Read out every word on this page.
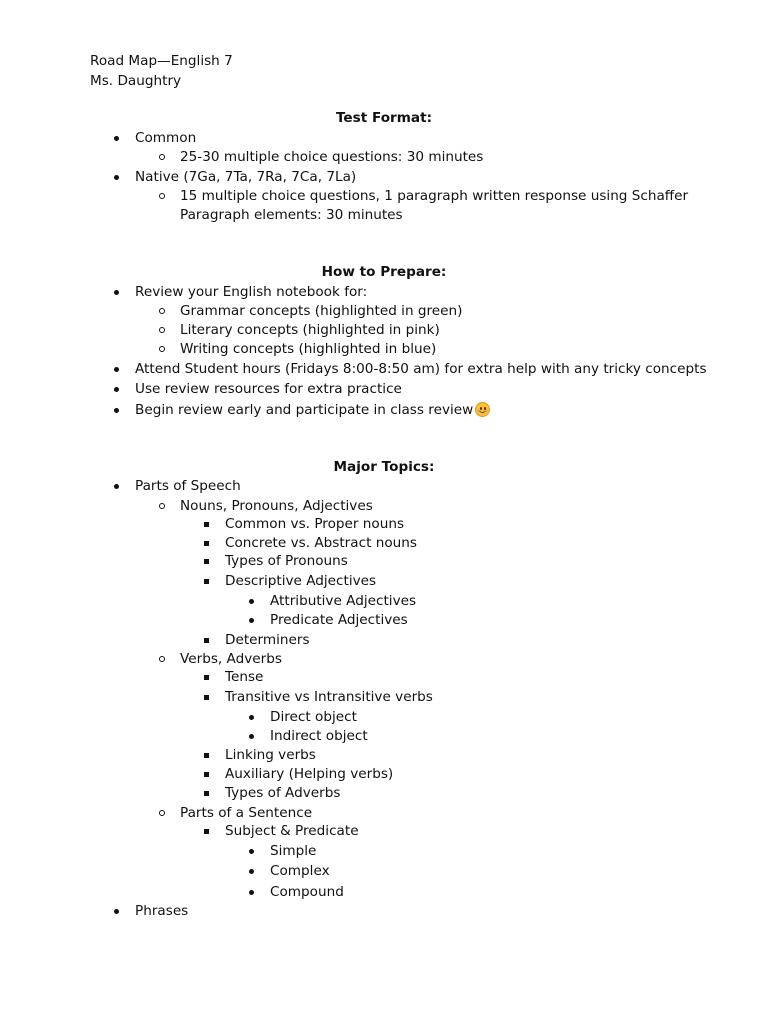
Road Map—English 7
Ms. Daughtry
Test Format:
Common
25-30 multiple choice questions: 30 minutes
Native (7Ga, 7Ta, 7Ra, 7Ca, 7La)
15 multiple choice questions, 1 paragraph written response using Schaffer
Paragraph elements: 30 minutes
How to Prepare:
Review your English notebook for:
Grammar concepts (highlighted in green)
Literary concepts (highlighted in pink)
Writing concepts (highlighted in blue)
Attend Student hours (Fridays 8:00-8:50 am) for extra help with any tricky concepts
Use review resources for extra practice
Begin review early and participate in class review
Major Topics:
Parts of Speech
Nouns, Pronouns, Adjectives
Common vs. Proper nouns
Concrete vs. Abstract nouns
Types of Pronouns
Descriptive Adjectives
Attributive Adjectives
Predicate Adjectives
Determiners
Verbs, Adverbs
Tense
Transitive vs Intransitive verbs
Direct object
Indirect object
Linking verbs
Auxiliary (Helping verbs)
Types of Adverbs
Parts of a Sentence
Subject & Predicate
Simple
Complex
Compound
Phrases
